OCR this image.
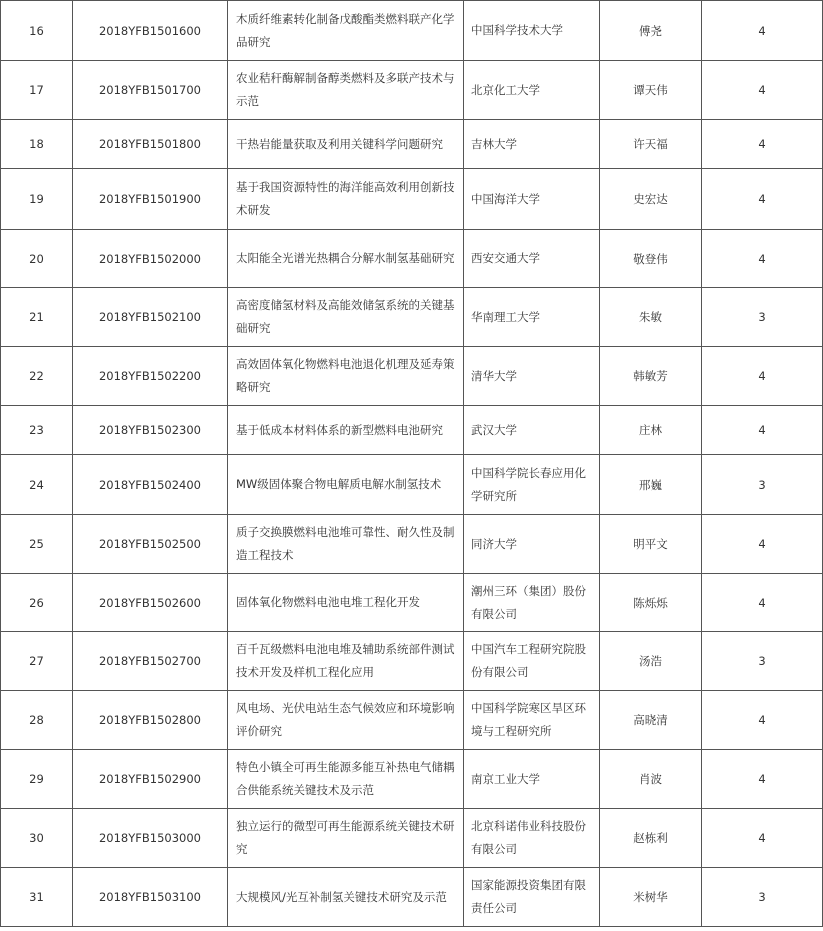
16	2018YFB1501600	木质纤维素转化制备戊酸酯类燃料联产化学品研究	中国科学技术大学	傅尧	4
17	2018YFB1501700	农业秸秆酶解制备醇类燃料及多联产技术与示范	北京化工大学	谭天伟	4
18	2018YFB1501800	干热岩能量获取及利用关键科学问题研究	吉林大学	许天福	4
19	2018YFB1501900	基于我国资源特性的海洋能高效利用创新技术研发	中国海洋大学	史宏达	4
20	2018YFB1502000	太阳能全光谱光热耦合分解水制氢基础研究	西安交通大学	敬登伟	4
21	2018YFB1502100	高密度储氢材料及高能效储氢系统的关键基础研究	华南理工大学	朱敏	3
22	2018YFB1502200	高效固体氧化物燃料电池退化机理及延寿策略研究	清华大学	韩敏芳	4
23	2018YFB1502300	基于低成本材料体系的新型燃料电池研究	武汉大学	庄林	4
24	2018YFB1502400	MW级固体聚合物电解质电解水制氢技术	中国科学院长春应用化学研究所	邢巍	3
25	2018YFB1502500	质子交换膜燃料电池堆可靠性、耐久性及制造工程技术	同济大学	明平文	4
26	2018YFB1502600	固体氧化物燃料电池电堆工程化开发	潮州三环（集团）股份有限公司	陈烁烁	4
27	2018YFB1502700	百千瓦级燃料电池电堆及辅助系统部件测试技术开发及样机工程化应用	中国汽车工程研究院股份有限公司	汤浩	3
28	2018YFB1502800	风电场、光伏电站生态气候效应和环境影响评价研究	中国科学院寒区旱区环境与工程研究所	高晓清	4
29	2018YFB1502900	特色小镇全可再生能源多能互补热电气储耦合供能系统关键技术及示范	南京工业大学	肖波	4
30	2018YFB1503000	独立运行的微型可再生能源系统关键技术研究	北京科诺伟业科技股份有限公司	赵栋利	4
31	2018YFB1503100	大规模风/光互补制氢关键技术研究及示范	国家能源投资集团有限责任公司	米树华	3
